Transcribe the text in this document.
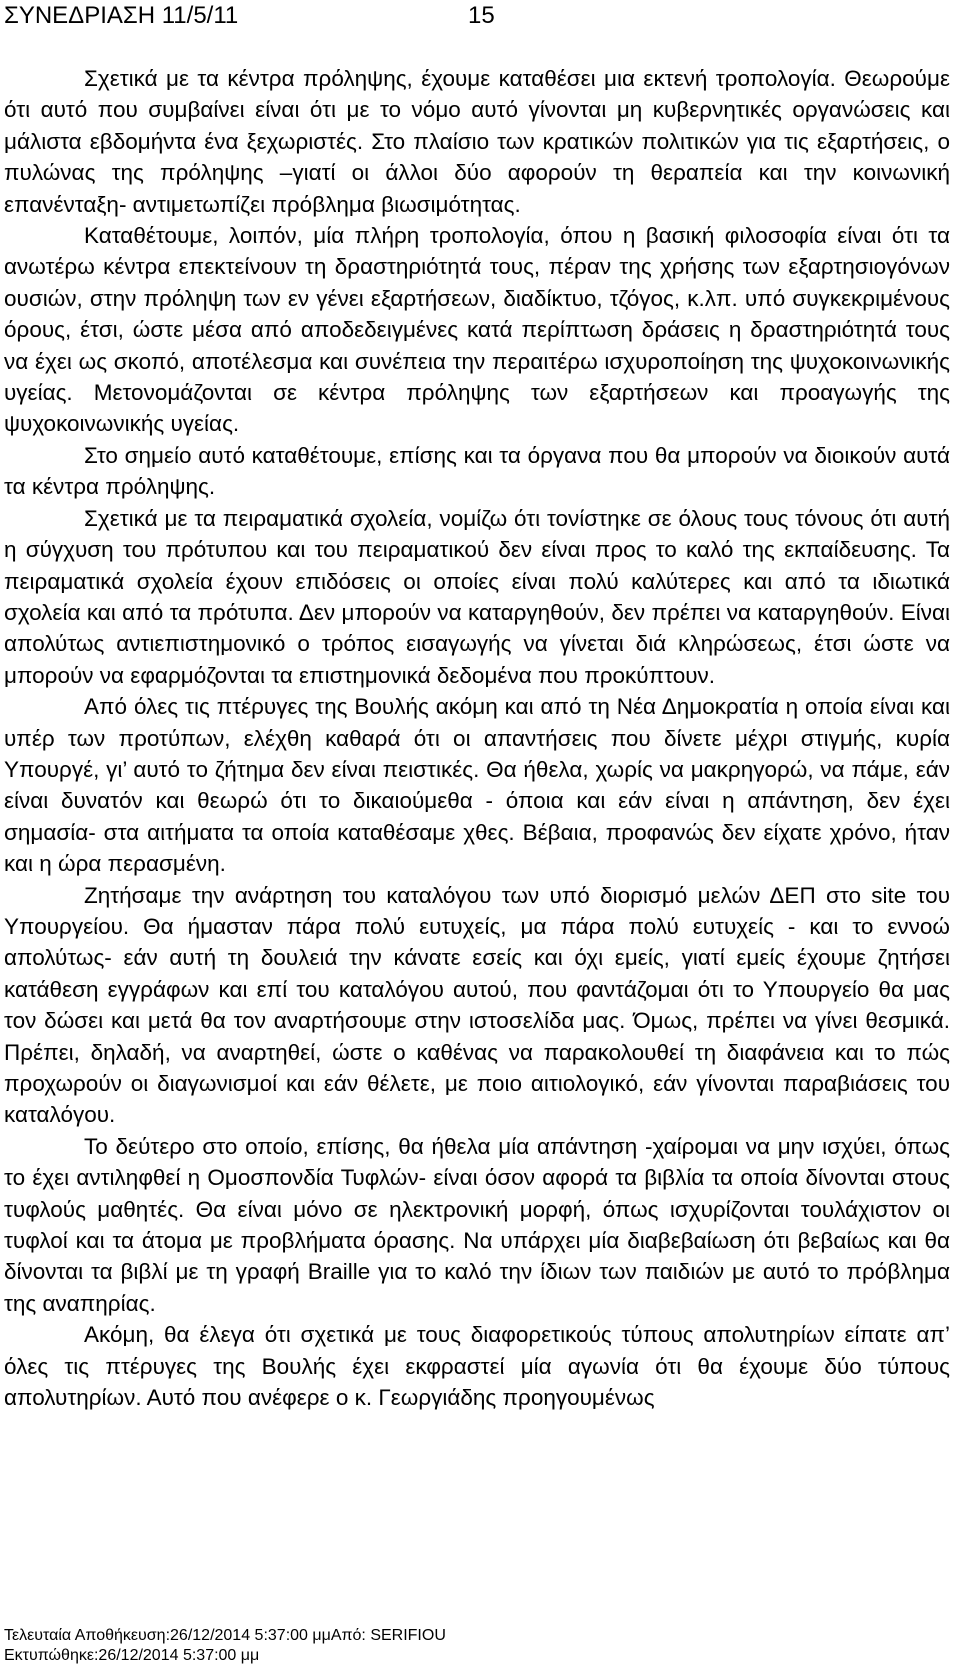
ΣΥΝΕΔΡΙΑΣΗ 11/5/11	15

Σχετικά με τα κέντρα πρόληψης, έχουμε καταθέσει μια εκτενή τροπολογία. Θεωρούμε ότι αυτό που συμβαίνει είναι ότι με το νόμο αυτό γίνονται μη κυβερνητικές οργανώσεις και μάλιστα εβδομήντα ένα ξεχωριστές. Στο πλαίσιο των κρατικών πολιτικών για τις εξαρτήσεις, ο πυλώνας της πρόληψης –γιατί οι άλλοι δύο αφορούν τη θεραπεία και την κοινωνική επανένταξη- αντιμετωπίζει πρόβλημα βιωσιμότητας.

Καταθέτουμε, λοιπόν, μία πλήρη τροπολογία, όπου η βασική φιλοσοφία είναι ότι τα ανωτέρω κέντρα επεκτείνουν τη δραστηριότητά τους, πέραν της χρήσης των εξαρτησιογόνων ουσιών, στην πρόληψη των εν γένει εξαρτήσεων, διαδίκτυο, τζόγος, κ.λπ. υπό συγκεκριμένους όρους, έτσι, ώστε μέσα από αποδεδειγμένες κατά περίπτωση δράσεις η δραστηριότητά τους να έχει ως σκοπό, αποτέλεσμα και συνέπεια την περαιτέρω ισχυροποίηση της ψυχοκοινωνικής υγείας. Μετονομάζονται σε κέντρα πρόληψης των εξαρτήσεων και προαγωγής της ψυχοκοινωνικής υγείας.

Στο σημείο αυτό καταθέτουμε, επίσης και τα όργανα που θα μπορούν να διοικούν αυτά τα κέντρα πρόληψης.

Σχετικά με τα πειραματικά σχολεία, νομίζω ότι τονίστηκε σε όλους τους τόνους ότι αυτή η σύγχυση του πρότυπου και του πειραματικού δεν είναι προς το καλό της εκπαίδευσης. Τα πειραματικά σχολεία έχουν επιδόσεις οι οποίες είναι πολύ καλύτερες και από τα ιδιωτικά σχολεία και από τα πρότυπα. Δεν μπορούν να καταργηθούν, δεν πρέπει να καταργηθούν. Είναι απολύτως αντιεπιστημονικό ο τρόπος εισαγωγής να γίνεται διά κληρώσεως, έτσι ώστε να μπορούν να εφαρμόζονται τα επιστημονικά δεδομένα που προκύπτουν.

Από όλες τις πτέρυγες της Βουλής ακόμη και από τη Νέα Δημοκρατία η οποία είναι και υπέρ των προτύπων, ελέχθη καθαρά ότι οι απαντήσεις που δίνετε μέχρι στιγμής, κυρία Υπουργέ, γι’ αυτό το ζήτημα δεν είναι πειστικές. Θα ήθελα, χωρίς να μακρηγορώ, να πάμε, εάν είναι δυνατόν και θεωρώ ότι το δικαιούμεθα - όποια και εάν είναι η απάντηση, δεν έχει σημασία- στα αιτήματα τα οποία καταθέσαμε χθες. Βέβαια, προφανώς δεν είχατε χρόνο, ήταν και η ώρα περασμένη.

Ζητήσαμε την ανάρτηση του καταλόγου των υπό διορισμό μελών ΔΕΠ στο site του Υπουργείου. Θα ήμασταν πάρα πολύ ευτυχείς, μα πάρα πολύ ευτυχείς - και το εννοώ απολύτως- εάν αυτή τη δουλειά την κάνατε εσείς και όχι εμείς, γιατί εμείς έχουμε ζητήσει κατάθεση εγγράφων και επί του καταλόγου αυτού, που φαντάζομαι ότι το Υπουργείο θα μας τον δώσει και μετά θα τον αναρτήσουμε στην ιστοσελίδα μας. Όμως, πρέπει να γίνει θεσμικά. Πρέπει, δηλαδή, να αναρτηθεί, ώστε ο καθένας να παρακολουθεί τη διαφάνεια και το πώς προχωρούν οι διαγωνισμοί και εάν θέλετε, με ποιο αιτιολογικό, εάν γίνονται παραβιάσεις του καταλόγου.

Το δεύτερο στο οποίο, επίσης, θα ήθελα μία απάντηση -χαίρομαι να μην ισχύει, όπως το έχει αντιληφθεί η Ομοσπονδία Τυφλών- είναι όσον αφορά τα βιβλία τα οποία δίνονται στους τυφλούς μαθητές. Θα είναι μόνο σε ηλεκτρονική μορφή, όπως ισχυρίζονται τουλάχιστον οι τυφλοί και τα άτομα με προβλήματα όρασης. Να υπάρχει μία διαβεβαίωση ότι βεβαίως και θα δίνονται τα βιβλί με τη γραφή Braille για το καλό την ίδιων των παιδιών με αυτό το πρόβλημα της αναπηρίας.

Ακόμη, θα έλεγα ότι σχετικά με τους διαφορετικούς τύπους απολυτηρίων είπατε απ’ όλες τις πτέρυγες της Βουλής έχει εκφραστεί μία αγωνία ότι θα έχουμε δύο τύπους απολυτηρίων. Αυτό που ανέφερε ο κ. Γεωργιάδης προηγουμένως

Τελευταία Αποθήκευση:26/12/2014 5:37:00 μμΑπό: SERIFIOU
Εκτυπώθηκε:26/12/2014 5:37:00 μμ
